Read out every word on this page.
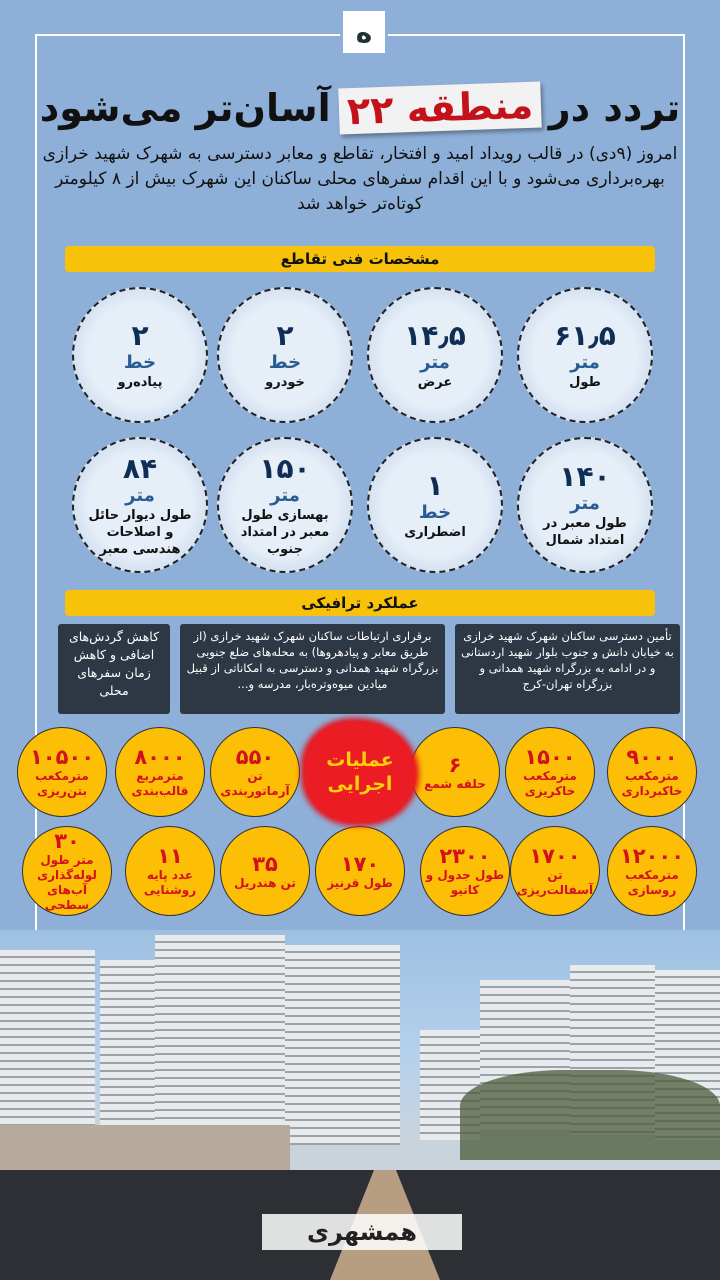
ه
تردد در
منطقه ۲۲
آسان‌تر می‌شود

امروز (۹دی) در قالب رویداد امید و افتخار، تقاطع و معابر دسترسی به شهرک شهید خرازی بهره‌برداری می‌شود و با این اقدام سفرهای محلی ساکنان این شهرک بیش از ۸ کیلومتر کوتاه‌تر خواهد شد

مشخصات فنی تقاطع
۶۱٫۵
متر
طول
۱۴٫۵
متر
عرض
۲
خط
خودرو
۲
خط
پیاده‌رو
۱۴۰
متر
طول معبر در امتداد شمال
۱
خط
اضطراری
۱۵۰
متر
بهسازی طول معبر در امتداد جنوب
۸۴
متر
طول دیوار حائل و اصلاحات هندسی معبر
عملکرد ترافیکی
تأمین دسترسی ساکنان شهرک شهید خرازی به خیابان دانش و جنوب بلوار شهید اردستانی و در ادامه به بزرگراه شهید همدانی و بزرگراه تهران-کرج
برقراری ارتباطات ساکنان شهرک شهید خرازی (از طریق معابر و پیادهروها) به محله‌های ضلع جنوبی بزرگراه شهید همدانی و دسترسی به امکاناتی از قبیل میادین میوه‌وتره‌بار، مدرسه و...
کاهش گردش‌های اضافی و کاهش زمان سفرهای محلی
۹۰۰۰
مترمکعب خاکبرداری
۱۵۰۰
مترمکعب خاکریزی
۶
حلقه شمع
۵۵۰
تن آرماتوربندی
۸۰۰۰
مترمربع قالب‌بندی
۱۰۵۰۰
مترمکعب بتن‌ریزی
۱۲۰۰۰
مترمکعب روسازی
۱۷۰۰
تن آسفالت‌ریزی
۲۳۰۰
طول جدول و کانیو
۱۷۰
طول قرنیز
۳۵
تن هندریل
۱۱
عدد پایه روشنایی
۳۰
متر طول لوله‌گذاری آب‌های سطحی
عملیات اجرایی
همشهری
